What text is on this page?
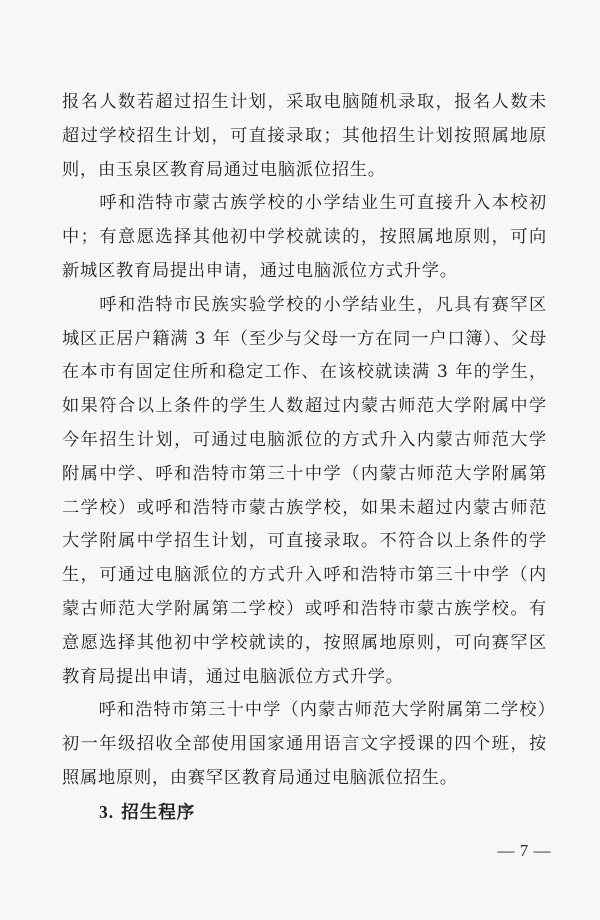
报名人数若超过招生计划，采取电脑随机录取，报名人数未超过学校招生计划，可直接录取；其他招生计划按照属地原则，由玉泉区教育局通过电脑派位招生。

　　呼和浩特市蒙古族学校的小学结业生可直接升入本校初中；有意愿选择其他初中学校就读的，按照属地原则，可向新城区教育局提出申请，通过电脑派位方式升学。

　　呼和浩特市民族实验学校的小学结业生，凡具有赛罕区城区正居户籍满 3 年（至少与父母一方在同一户口簿）、父母在本市有固定住所和稳定工作、在该校就读满 3 年的学生，如果符合以上条件的学生人数超过内蒙古师范大学附属中学今年招生计划，可通过电脑派位的方式升入内蒙古师范大学附属中学、呼和浩特市第三十中学（内蒙古师范大学附属第二学校）或呼和浩特市蒙古族学校，如果未超过内蒙古师范大学附属中学招生计划，可直接录取。不符合以上条件的学生，可通过电脑派位的方式升入呼和浩特市第三十中学（内蒙古师范大学附属第二学校）或呼和浩特市蒙古族学校。有意愿选择其他初中学校就读的，按照属地原则，可向赛罕区教育局提出申请，通过电脑派位方式升学。

　　呼和浩特市第三十中学（内蒙古师范大学附属第二学校）初一年级招收全部使用国家通用语言文字授课的四个班，按照属地原则，由赛罕区教育局通过电脑派位招生。

　　3. 招生程序

— 7 —
